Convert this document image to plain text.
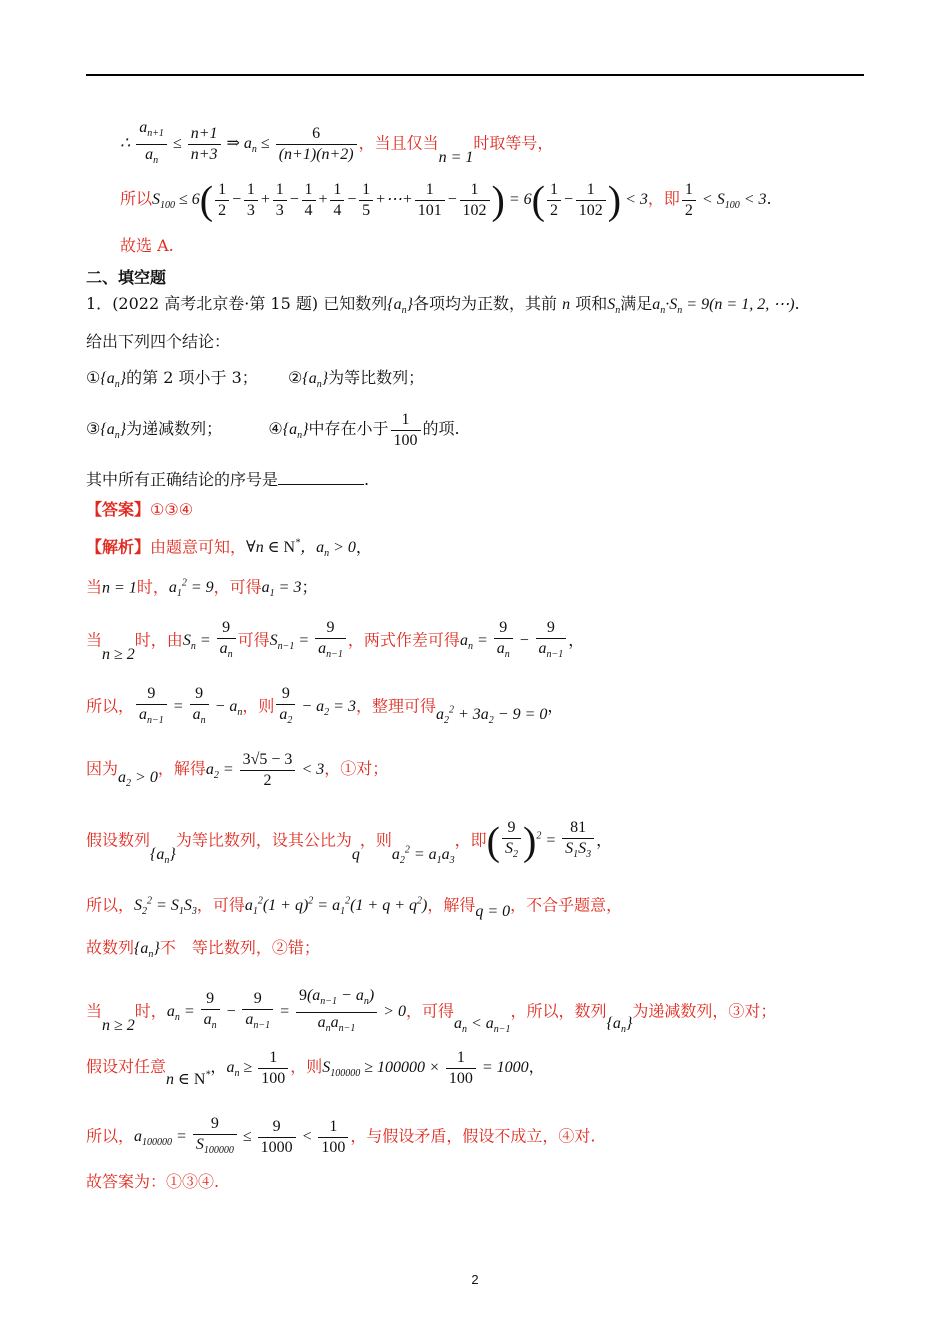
∴ $\frac{a_{n+1}}{a_n} \le \frac{n+1}{n+3}$ ⇒ $a_n \le \frac{6}{(n+1)(n+2)}$ ，当且仅当n = 1时取等号，
所以$S_{100} \le 6( \frac{1}{2} - \frac{1}{3} + \frac{1}{3} - \frac{1}{4} + \frac{1}{4} - \frac{1}{5}$ +⋯+ $\frac{1}{101} - \frac{1}{102}$ ) = $6( \frac{1}{2} - \frac{1}{102}$ ) < 3，即 $\frac{1}{2} < S_{100} < 3$.
故选 A.
二、填空题
1．(2022 高考北京卷·第 15 题) 已知数列$\{a_n\}$各项均为正数，其前 n 项和$S_n$满足$a_n\cdot S_n = 9(n = 1$, 2, ⋯).
给出下列四个结论：
$①\{a_n\}$的第 2 项小于 3； $②\{a_n\}$为等比数列；
$③\{a_n\}$为递减数列；	$④\{a_n\}$中存在小于 $\frac{1}{100}$ 的项.
其中所有正确结论的序号是	.
【答案】①③④
【解析】由题意可知，∀n ∈ N*，$a_n > 0$，
当n = 1时，$a_1^2 = 9$，可得$a_1 = 3$；
当n ≥ 2时，由$S_n = \frac{9}{a_n}$ 可得$S_{n-1} = \frac{9}{a_{n-1}}$ ，两式作差可得$a_n = \frac{9}{a_n} - \frac{9}{a_{n-1}}$ ，
所以， $\frac{9}{a_{n-1}} = \frac{9}{a_n} - a_n$，则 $\frac{9}{a_2} - a_2 = 3$，整理可得$a_2^2 + 3a_2 - 9 = 0$，
因为$a_2 > 0$，解得$a_2 = \frac{3√5 - 3}{2} < 3$，①对；
假设数列$\{a_n\}$为等比数列，设其公比为q，则$a_2^2 = a_1a_3$，即( $\frac{9}{S_2} )^2 = \frac{81}{S_1S_3}$ ，
所以，$S_2^2 = S_1S_3$，可得$a_1^2(1 + q)^2 = a_1^2(1 + q + q^2)$，解得q = 0，不合乎题意，
故数列$\{a_n\}$不　等比数列，②错；
当n ≥ 2时，$a_n = \frac{9}{a_n} - \frac{9}{a_{n-1}} = \frac{9(a_{n-1} - a_n)}{a_na_{n-1}} > 0$，可得$a_n < a_{n-1}$，所以，数列$\{a_n\}$为递减数列，③对；
假设对任意n ∈ N*，$a_n \ge \frac{1}{100}$ ，则$S_{100000} \ge 100000 \times \frac{1}{100} = 1000$，
所以，$a_{100000} = \frac{9}{S_{100000}} \le \frac{9}{1000} < \frac{1}{100}$ ，与假设矛盾，假设不成立，④对.
故答案为：①③④.
2
